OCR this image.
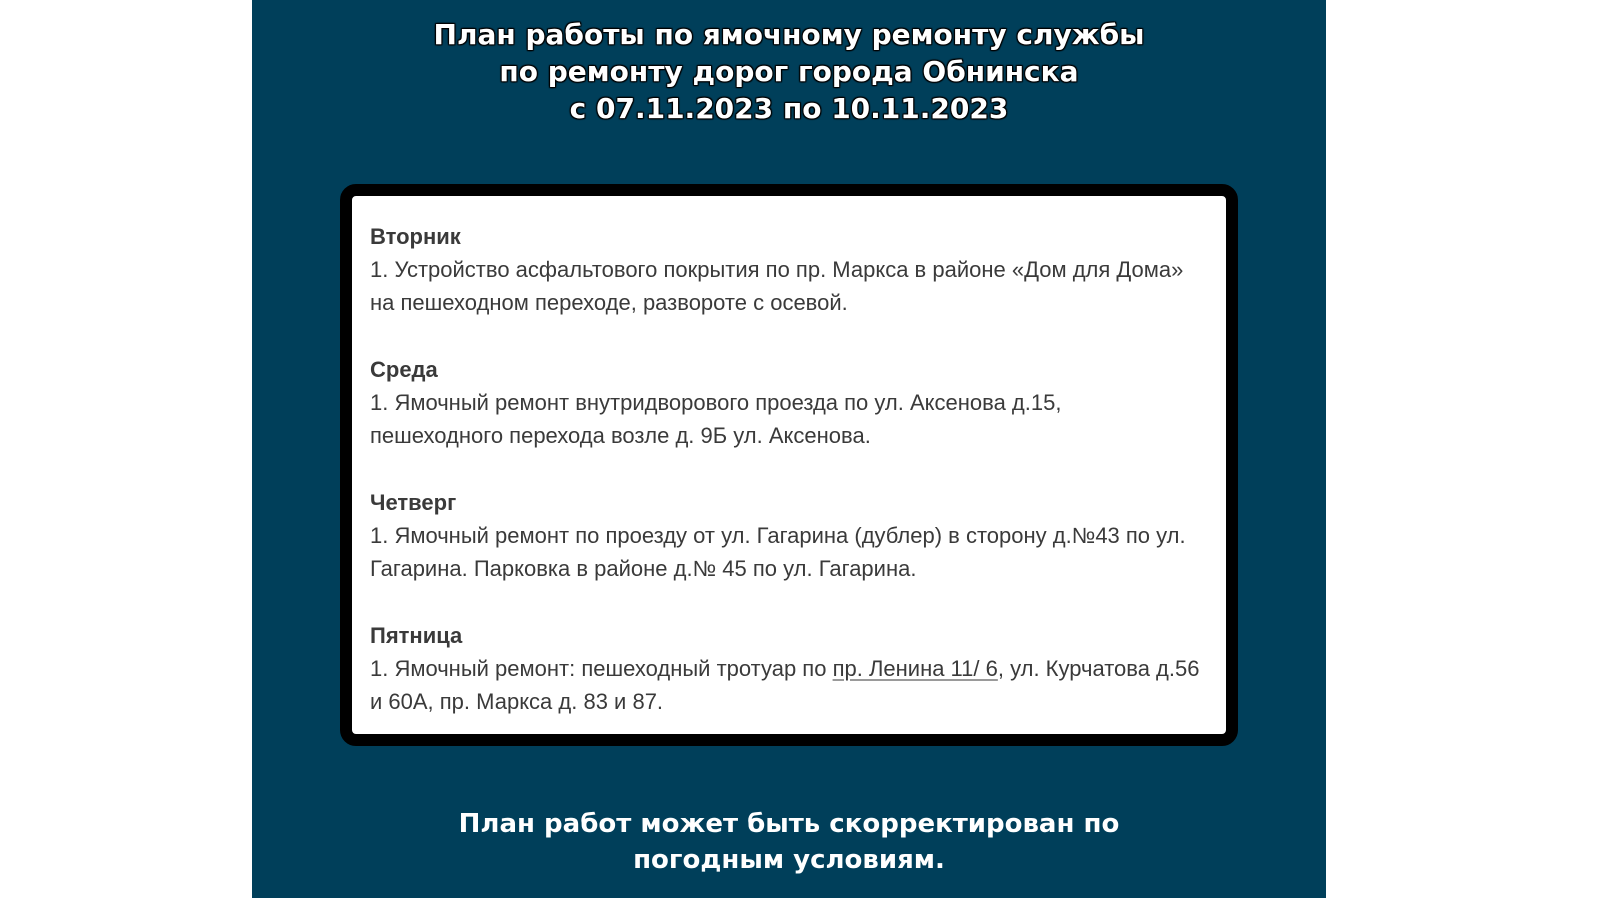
План работы по ямочному ремонту службы
по ремонту дорог города Обнинска
с 07.11.2023 по 10.11.2023
Вторник
1. Устройство асфальтового покрытия по пр. Маркса в районе «Дом для Дома» на пешеходном переходе, развороте с осевой.
Среда
1. Ямочный ремонт внутридворового проезда по ул. Аксенова д.15, пешеходного перехода возле д. 9Б ул. Аксенова.
Четверг
1. Ямочный ремонт по проезду от ул. Гагарина (дублер) в сторону д.№43 по ул. Гагарина. Парковка в районе д.№ 45 по ул. Гагарина.
Пятница
1. Ямочный ремонт: пешеходный тротуар по пр. Ленина 11/ 6, ул. Курчатова д.56 и 60А, пр. Маркса д. 83 и 87.
План работ может быть скорректирован по
погодным условиям.
